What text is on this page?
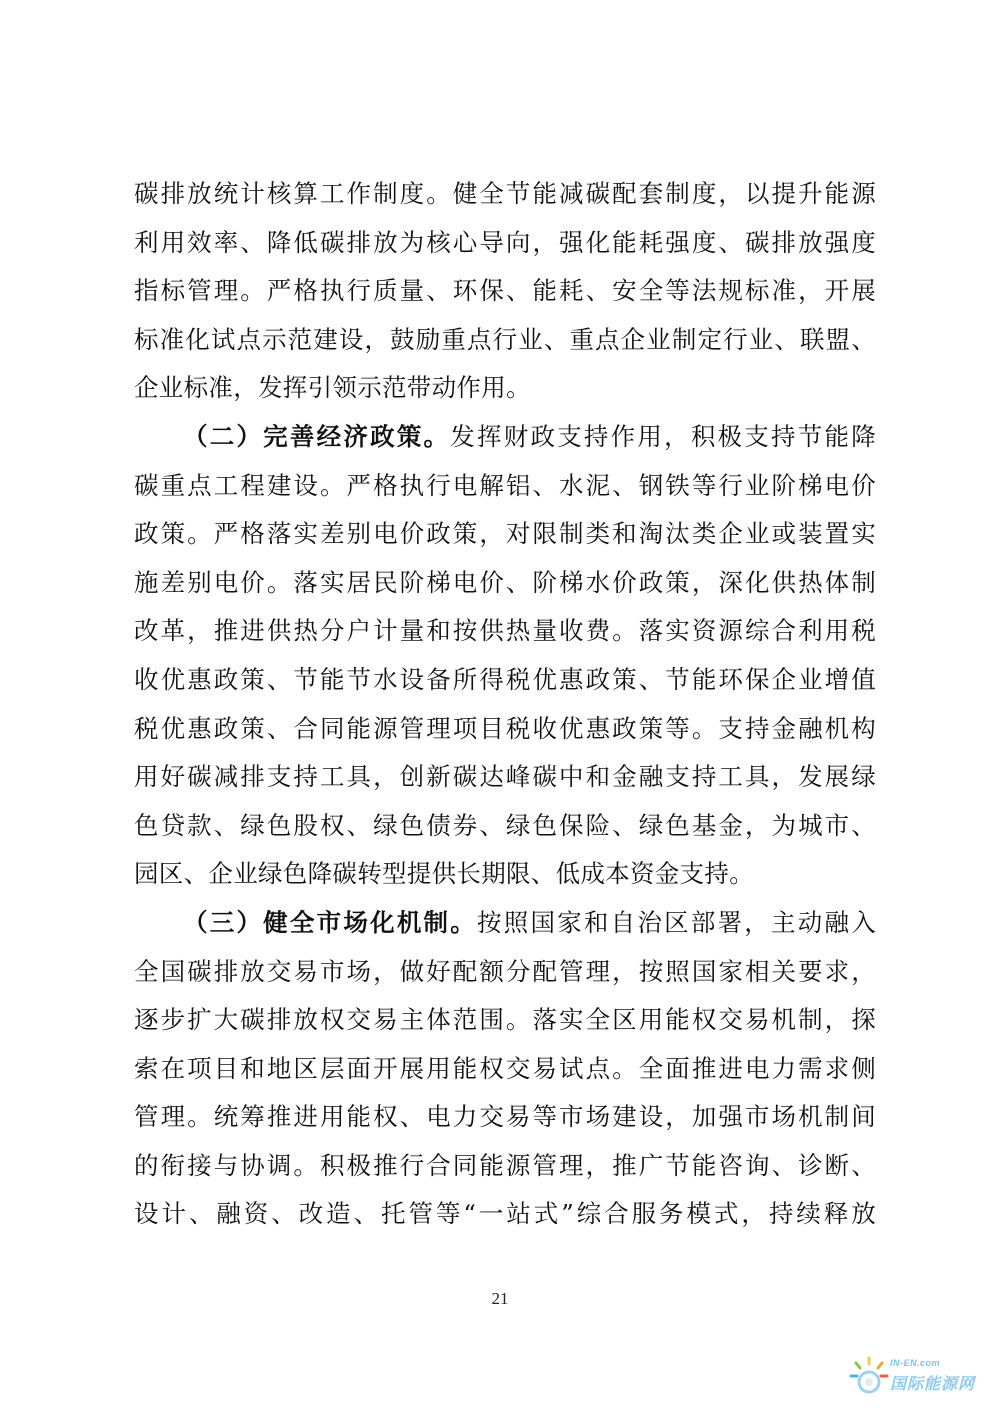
碳排放统计核算工作制度。健全节能减碳配套制度，以提升能源
利用效率、降低碳排放为核心导向，强化能耗强度、碳排放强度
指标管理。严格执行质量、环保、能耗、安全等法规标准，开展
标准化试点示范建设，鼓励重点行业、重点企业制定行业、联盟、
企业标准，发挥引领示范带动作用。
（二）完善经济政策。发挥财政支持作用，积极支持节能降
碳重点工程建设。严格执行电解铝、水泥、钢铁等行业阶梯电价
政策。严格落实差别电价政策，对限制类和淘汰类企业或装置实
施差别电价。落实居民阶梯电价、阶梯水价政策，深化供热体制
改革，推进供热分户计量和按供热量收费。落实资源综合利用税
收优惠政策、节能节水设备所得税优惠政策、节能环保企业增值
税优惠政策、合同能源管理项目税收优惠政策等。支持金融机构
用好碳减排支持工具，创新碳达峰碳中和金融支持工具，发展绿
色贷款、绿色股权、绿色债券、绿色保险、绿色基金，为城市、
园区、企业绿色降碳转型提供长期限、低成本资金支持。
（三）健全市场化机制。按照国家和自治区部署，主动融入
全国碳排放交易市场，做好配额分配管理，按照国家相关要求，
逐步扩大碳排放权交易主体范围。落实全区用能权交易机制，探
索在项目和地区层面开展用能权交易试点。全面推进电力需求侧
管理。统筹推进用能权、电力交易等市场建设，加强市场机制间
的衔接与协调。积极推行合同能源管理，推广节能咨询、诊断、
设计、融资、改造、托管等“一站式”综合服务模式，持续释放
21
IN-EN.com
国际能源网
